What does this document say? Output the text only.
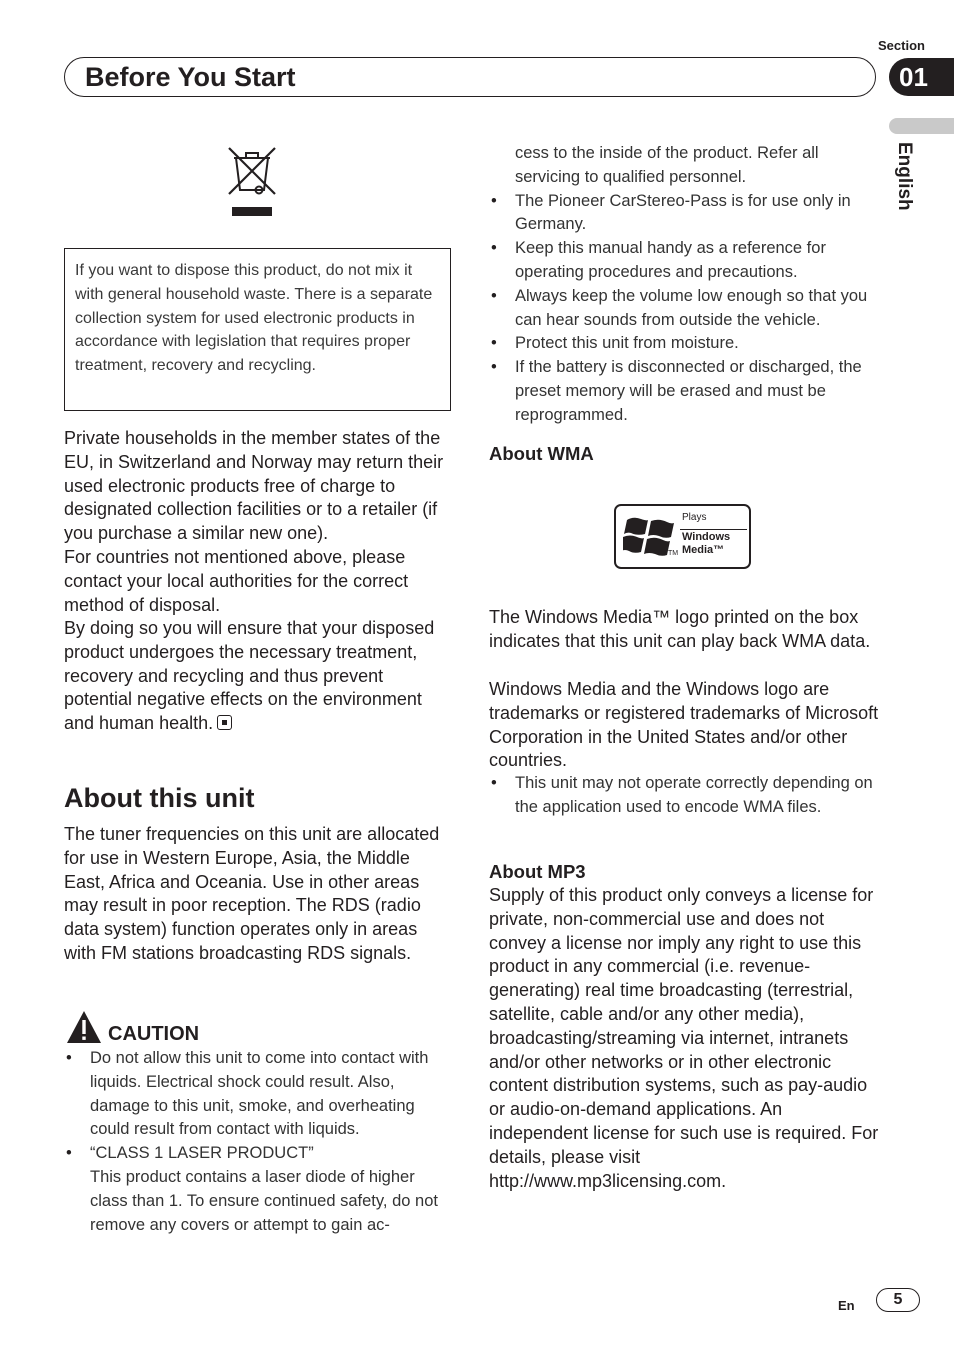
Section
01
Before You Start
English
If you want to dispose this product, do not mix it with general household waste. There is a separate collection system for used electronic products in accordance with legislation that requires proper treatment, recovery and recycling.
Private households in the member states of the EU, in Switzerland and Norway may return their used electronic products free of charge to designated collection facilities or to a retailer (if you purchase a similar new one).
For countries not mentioned above, please contact your local authorities for the correct method of disposal.
By doing so you will ensure that your disposed product undergoes the necessary treatment, recovery and recycling and thus prevent potential negative effects on the environment and human health.
About this unit
The tuner frequencies on this unit are allocated for use in Western Europe, Asia, the Middle East, Africa and Oceania. Use in other areas may result in poor reception. The RDS (radio data system) function operates only in areas with FM stations broadcasting RDS signals.
CAUTION
• Do not allow this unit to come into contact with liquids. Electrical shock could result. Also, damage to this unit, smoke, and overheating could result from contact with liquids.
• “CLASS 1 LASER PRODUCT”
This product contains a laser diode of higher class than 1. To ensure continued safety, do not remove any covers or attempt to gain ac-
cess to the inside of the product. Refer all servicing to qualified personnel.
• The Pioneer CarStereo-Pass is for use only in Germany.
• Keep this manual handy as a reference for operating procedures and precautions.
• Always keep the volume low enough so that you can hear sounds from outside the vehicle.
• Protect this unit from moisture.
• If the battery is disconnected or discharged, the preset memory will be erased and must be reprogrammed.
About WMA
TM
Plays
Windows
Media™
The Windows Media™ logo printed on the box indicates that this unit can play back WMA data.
Windows Media and the Windows logo are trademarks or registered trademarks of Microsoft Corporation in the United States and/or other countries.
• This unit may not operate correctly depending on the application used to encode WMA files.
About MP3
Supply of this product only conveys a license for private, non-commercial use and does not convey a license nor imply any right to use this product in any commercial (i.e. revenue-generating) real time broadcasting (terrestrial, satellite, cable and/or any other media), broadcasting/streaming via internet, intranets and/or other networks or in other electronic content distribution systems, such as pay-audio or audio-on-demand applications. An independent license for such use is required. For details, please visit
http://www.mp3licensing.com.
En	5
